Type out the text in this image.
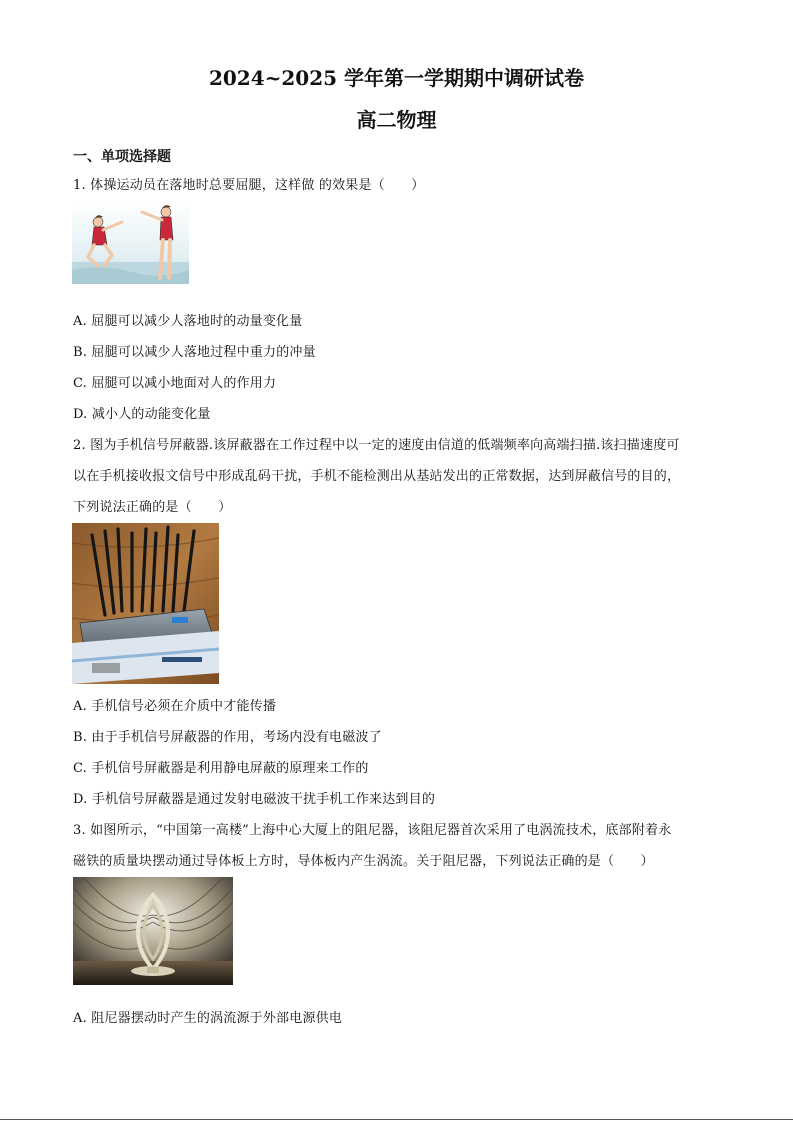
2024~2025 学年第一学期期中调研试卷
高二物理
一、单项选择题
1. 体操运动员在落地时总要屈腿，这样做 的效果是（　　）
A. 屈腿可以减少人落地时的动量变化量
B. 屈腿可以减少人落地过程中重力的冲量
C. 屈腿可以减小地面对人的作用力
D. 减小人的动能变化量
2. 图为手机信号屏蔽器.该屏蔽器在工作过程中以一定的速度由信道的低端频率向高端扫描.该扫描速度可
以在手机接收报文信号中形成乱码干扰，手机不能检测出从基站发出的正常数据，达到屏蔽信号的目的，
下列说法正确的是（　　）
A. 手机信号必须在介质中才能传播
B. 由于手机信号屏蔽器的作用，考场内没有电磁波了
C. 手机信号屏蔽器是利用静电屏蔽的原理来工作的
D. 手机信号屏蔽器是通过发射电磁波干扰手机工作来达到目的
3. 如图所示，“中国第一高楼”上海中心大厦上的阻尼器，该阻尼器首次采用了电涡流技术，底部附着永
磁铁的质量块摆动通过导体板上方时，导体板内产生涡流。关于阻尼器，下列说法正确的是（　　）
A. 阻尼器摆动时产生的涡流源于外部电源供电
